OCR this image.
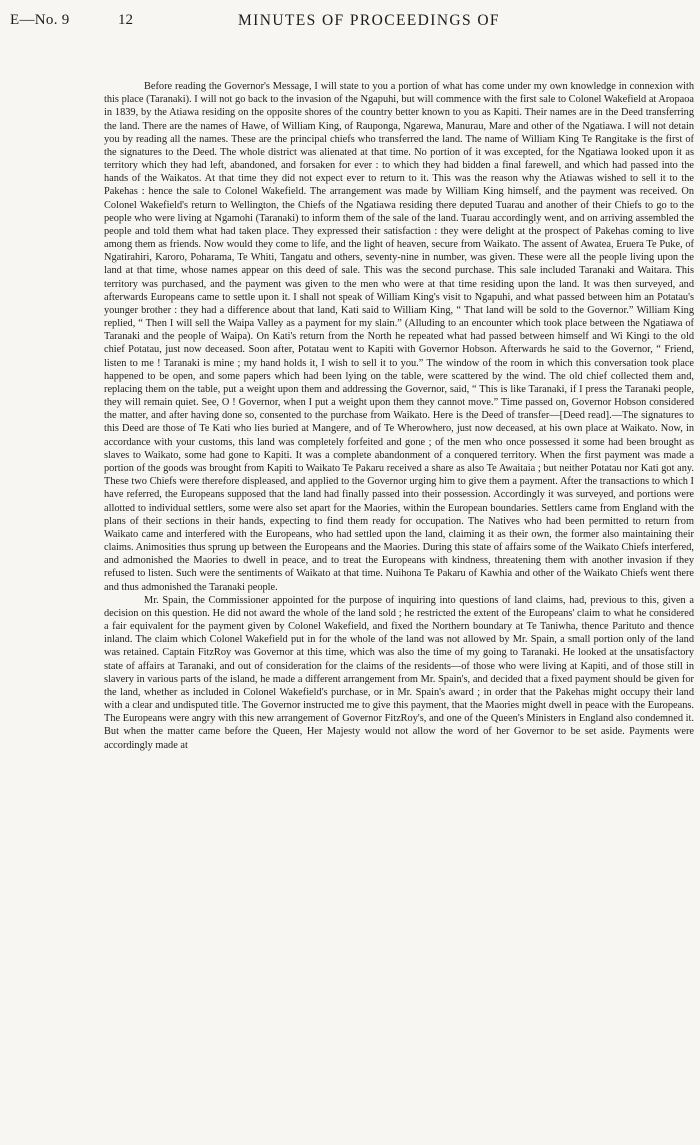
E—No. 9	12	MINUTES OF PROCEEDINGS OF

Before reading the Governor's Message, I will state to you a portion of what has come under my own knowledge in connexion with this place (Taranaki). I will not go back to the invasion of the Ngapuhi, but will commence with the first sale to Colonel Wakefield at Aropaoa in 1839, by the Atiawa residing on the opposite shores of the country better known to you as Kapiti. Their names are in the Deed transferring the land. There are the names of Hawe, of William King, of Rauponga, Ngarewa, Manurau, Mare and other of the Ngatiawa. I will not detain you by reading all the names. These are the principal chiefs who transferred the land. The name of William King Te Rangitake is the first of the signatures to the Deed. The whole district was alienated at that time. No portion of it was excepted, for the Ngatiawa looked upon it as territory which they had left, abandoned, and forsaken for ever : to which they had bidden a final farewell, and which had passed into the hands of the Waikatos. At that time they did not expect ever to return to it. This was the reason why the Atiawas wished to sell it to the Pakehas : hence the sale to Colonel Wakefield. The arrangement was made by William King himself, and the payment was received. On Colonel Wakefield's return to Wellington, the Chiefs of the Ngatiawa residing there deputed Tuarau and another of their Chiefs to go to the people who were living at Ngamohi (Taranaki) to inform them of the sale of the land. Tuarau accordingly went, and on arriving assembled the people and told them what had taken place. They expressed their satisfaction : they were delight at the prospect of Pakehas coming to live among them as friends. Now would they come to life, and the light of heaven, secure from Waikato. The assent of Awatea, Eruera Te Puke, of Ngatirahiri, Karoro, Poharama, Te Whiti, Tangatu and others, seventy-nine in number, was given. These were all the people living upon the land at that time, whose names appear on this deed of sale. This was the second purchase. This sale included Taranaki and Waitara. This territory was purchased, and the payment was given to the men who were at that time residing upon the land. It was then surveyed, and afterwards Europeans came to settle upon it. I shall not speak of William King's visit to Ngapuhi, and what passed between him an Potatau's younger brother : they had a difference about that land, Kati said to William King, “ That land will be sold to the Governor.” William King replied, “ Then I will sell the Waipa Valley as a payment for my slain.” (Alluding to an encounter which took place between the Ngatiawa of Taranaki and the people of Waipa). On Kati's return from the North he repeated what had passed between himself and Wi Kingi to the old chief Potatau, just now deceased. Soon after, Potatau went to Kapiti with Governor Hobson. Afterwards he said to the Governor, “ Friend, listen to me ! Taranaki is mine ; my hand holds it, I wish to sell it to you.” The window of the room in which this conversation took place happened to be open, and some papers which had been lying on the table, were scattered by the wind. The old chief collected them and, replacing them on the table, put a weight upon them and addressing the Governor, said, “ This is like Taranaki, if I press the Taranaki people, they will remain quiet. See, O ! Governor, when I put a weight upon them they cannot move.” Time passed on, Governor Hobson considered the matter, and after having done so, consented to the purchase from Waikato. Here is the Deed of transfer—[Deed read].—The signatures to this Deed are those of Te Kati who lies buried at Mangere, and of Te Wherowhero, just now deceased, at his own place at Waikato. Now, in accordance with your customs, this land was completely forfeited and gone ; of the men who once possessed it some had been brought as slaves to Waikato, some had gone to Kapiti. It was a complete abandonment of a conquered territory. When the first payment was made a portion of the goods was brought from Kapiti to Waikato Te Pakaru received a share as also Te Awaitaia ; but neither Potatau nor Kati got any. These two Chiefs were therefore displeased, and applied to the Governor urging him to give them a payment. After the transactions to which I have referred, the Europeans supposed that the land had finally passed into their possession. Accordingly it was surveyed, and portions were allotted to individual settlers, some were also set apart for the Maories, within the European boundaries. Settlers came from England with the plans of their sections in their hands, expecting to find them ready for occupation. The Natives who had been permitted to return from Waikato came and interfered with the Europeans, who had settled upon the land, claiming it as their own, the former also maintaining their claims. Animosities thus sprung up between the Europeans and the Maories. During this state of affairs some of the Waikato Chiefs interfered, and admonished the Maories to dwell in peace, and to treat the Europeans with kindness, threatening them with another invasion if they refused to listen. Such were the sentiments of Waikato at that time. Nuihona Te Pakaru of Kawhia and other of the Waikato Chiefs went there and thus admonished the Taranaki people.

Mr. Spain, the Commissioner appointed for the purpose of inquiring into questions of land claims, had, previous to this, given a decision on this question. He did not award the whole of the land sold ; he restricted the extent of the Europeans' claim to what he considered a fair equivalent for the payment given by Colonel Wakefield, and fixed the Northern boundary at Te Taniwha, thence Parituto and thence inland. The claim which Colonel Wakefield put in for the whole of the land was not allowed by Mr. Spain, a small portion only of the land was retained. Captain FitzRoy was Governor at this time, which was also the time of my going to Taranaki. He looked at the unsatisfactory state of affairs at Taranaki, and out of consideration for the claims of the residents—of those who were living at Kapiti, and of those still in slavery in various parts of the island, he made a different arrangement from Mr. Spain's, and decided that a fixed payment should be given for the land, whether as included in Colonel Wakefield's purchase, or in Mr. Spain's award ; in order that the Pakehas might occupy their land with a clear and undisputed title. The Governor instructed me to give this payment, that the Maories might dwell in peace with the Europeans. The Europeans were angry with this new arrangement of Governor FitzRoy's, and one of the Queen's Ministers in England also condemned it. But when the matter came before the Queen, Her Majesty would not allow the word of her Governor to be set aside. Payments were accordingly made at
